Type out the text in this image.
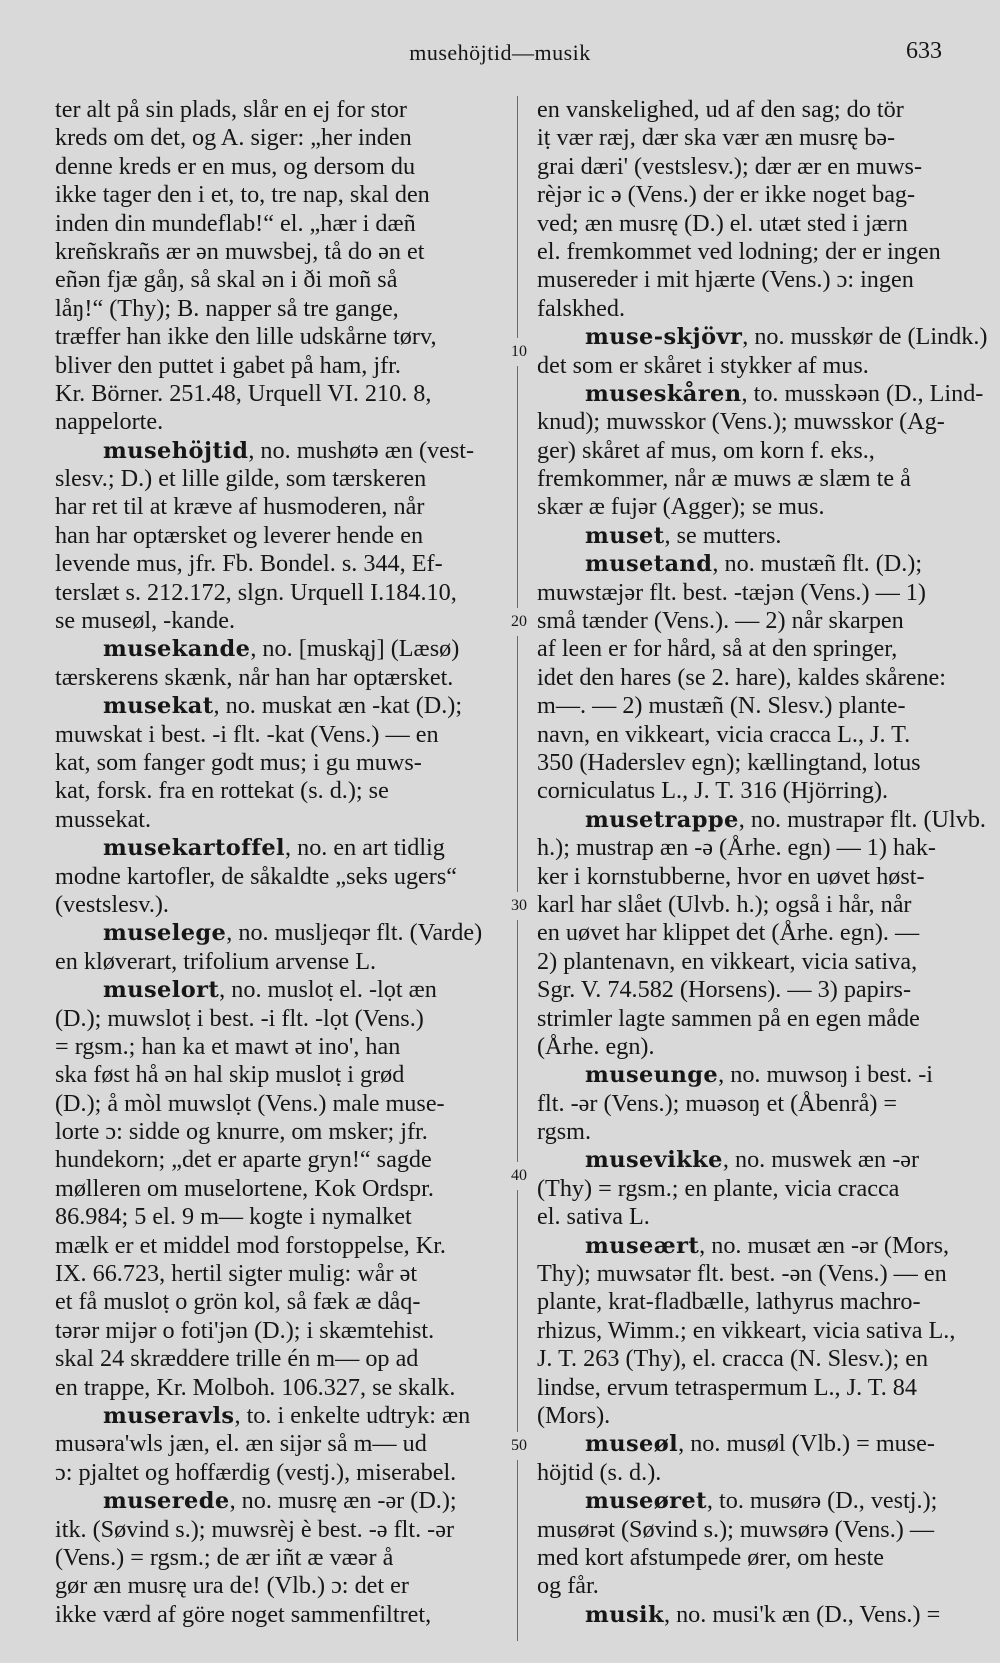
musehöjtid—musik	633
ter alt på sin plads, slår en ej for stor
kreds om det, og A. siger: „her inden
denne kreds er en mus, og dersom du
ikke tager den i et, to, tre nap, skal den
inden din mundeflab!“ el. „hær i dæñ
kreñskrañs ær ən muwsbej, tå do ən et
eñən fjæ gåŋ, så skal ən i ði moñ så
låŋ!“ (Thy); B. napper så tre gange,
træffer han ikke den lille udskårne tørv,
bliver den puttet i gabet på ham, jfr.
Kr. Börner. 251.48, Urquell VI. 210. 8,
nappelorte.
musehöjtid, no. mushøtə æn (vest-
slesv.; D.) et lille gilde, som tærskeren
har ret til at kræve af husmoderen, når
han har optærsket og leverer hende en
levende mus, jfr. Fb. Bondel. s. 344, Ef-
terslæt s. 212.172, slgn. Urquell I.184.10,
se museøl, -kande.
musekande, no. [muskąj] (Læsø)
tærskerens skænk, når han har optærsket.
musekat, no. muskat æn -kat (D.);
muwskat i best. -i flt. -kat (Vens.) — en
kat, som fanger godt mus; i gu muws-
kat, forsk. fra en rottekat (s. d.); se
mussekat.
musekartoffel, no. en art tidlig
modne kartofler, de såkaldte „seks ugers“
(vestslesv.).
muselege, no. musljeqər flt. (Varde)
en kløverart, trifolium arvense L.
muselort, no. musloṭ el. -lọt æn
(D.); muwsloṭ i best. -i flt. -lọt (Vens.)
= rgsm.; han ka et mawt ət ino', han
ska føst hå ən hal skip musloṭ i grød
(D.); å mòl muwslọt (Vens.) male muse-
lorte ɔ: sidde og knurre, om msker; jfr.
hundekorn; „det er aparte gryn!“ sagde
mølleren om muselortene, Kok Ordspr.
86.984; 5 el. 9 m— kogte i nymalket
mælk er et middel mod forstoppelse, Kr.
IX. 66.723, hertil sigter mulig: wår ət
et få musloṭ o grön kol, så fæk æ dåq-
tərər mijər o foti'jən (D.); i skæmtehist.
skal 24 skræddere trille én m— op ad
en trappe, Kr. Molboh. 106.327, se skalk.
museravls, to. i enkelte udtryk: æn
musəra'wls jæn, el. æn sijər så m— ud
ɔ: pjaltet og hoffærdig (vestj.), miserabel.
muserede, no. musrę æn -ər (D.);
itk. (Søvind s.); muwsrèj è best. -ə flt. -ər
(Vens.) = rgsm.; de ær iñt æ væər å
gør æn musrę ura de! (Vlb.) ɔ: det er
ikke værd af göre noget sammenfiltret,
en vanskelighed, ud af den sag; do tör
iṭ vær ræj, dær ska vær æn musrę bə-
grai dæri' (vestslesv.); dær ær en muws-
rèjər ic ə (Vens.) der er ikke noget bag-
ved; æn musrę (D.) el. utæt sted i jærn
el. fremkommet ved lodning; der er ingen
musereder i mit hjærte (Vens.) ɔ: ingen
falskhed.
muse-skjövr, no. musskør de (Lindk.)
det som er skåret i stykker af mus.
museskåren, to. musskəən (D., Lind-
knud); muwsskor (Vens.); muwsskor (Ag-
ger) skåret af mus, om korn f. eks.,
fremkommer, når æ muws æ slæm te å
skær æ fujər (Agger); se mus.
muset, se mutters.
musetand, no. mustæñ flt. (D.);
muwstæjər flt. best. -tæjən (Vens.) — 1)
små tænder (Vens.). — 2) når skarpen
af leen er for hård, så at den springer,
idet den hares (se 2. hare), kaldes skårene:
m—. — 2) mustæñ (N. Slesv.) plante-
navn, en vikkeart, vicia cracca L., J. T.
350 (Haderslev egn); kællingtand, lotus
corniculatus L., J. T. 316 (Hjörring).
musetrappe, no. mustrapər flt. (Ulvb.
h.); mustrap æn -ə (Århe. egn) — 1) hak-
ker i kornstubberne, hvor en uøvet høst-
karl har slået (Ulvb. h.); også i hår, når
en uøvet har klippet det (Århe. egn). —
2) plantenavn, en vikkeart, vicia sativa,
Sgr. V. 74.582 (Horsens). — 3) papirs-
strimler lagte sammen på en egen måde
(Århe. egn).
museunge, no. muwsoŋ i best. -i
flt. -ər (Vens.); muəsoŋ et (Åbenrå) =
rgsm.
musevikke, no. muswek æn -ər
(Thy) = rgsm.; en plante, vicia cracca
el. sativa L.
museært, no. musæt æn -ər (Mors,
Thy); muwsatər flt. best. -ən (Vens.) — en
plante, krat-fladbælle, lathyrus machro-
rhizus, Wimm.; en vikkeart, vicia sativa L.,
J. T. 263 (Thy), el. cracca (N. Slesv.); en
lindse, ervum tetraspermum L., J. T. 84
(Mors).
museøl, no. musøl (Vlb.) = muse-
höjtid (s. d.).
museøret, to. musørə (D., vestj.);
musørət (Søvind s.); muwsørə (Vens.) —
med kort afstumpede ører, om heste
og får.
musik, no. musi'k æn (D., Vens.) =
10
20
30
40
50
